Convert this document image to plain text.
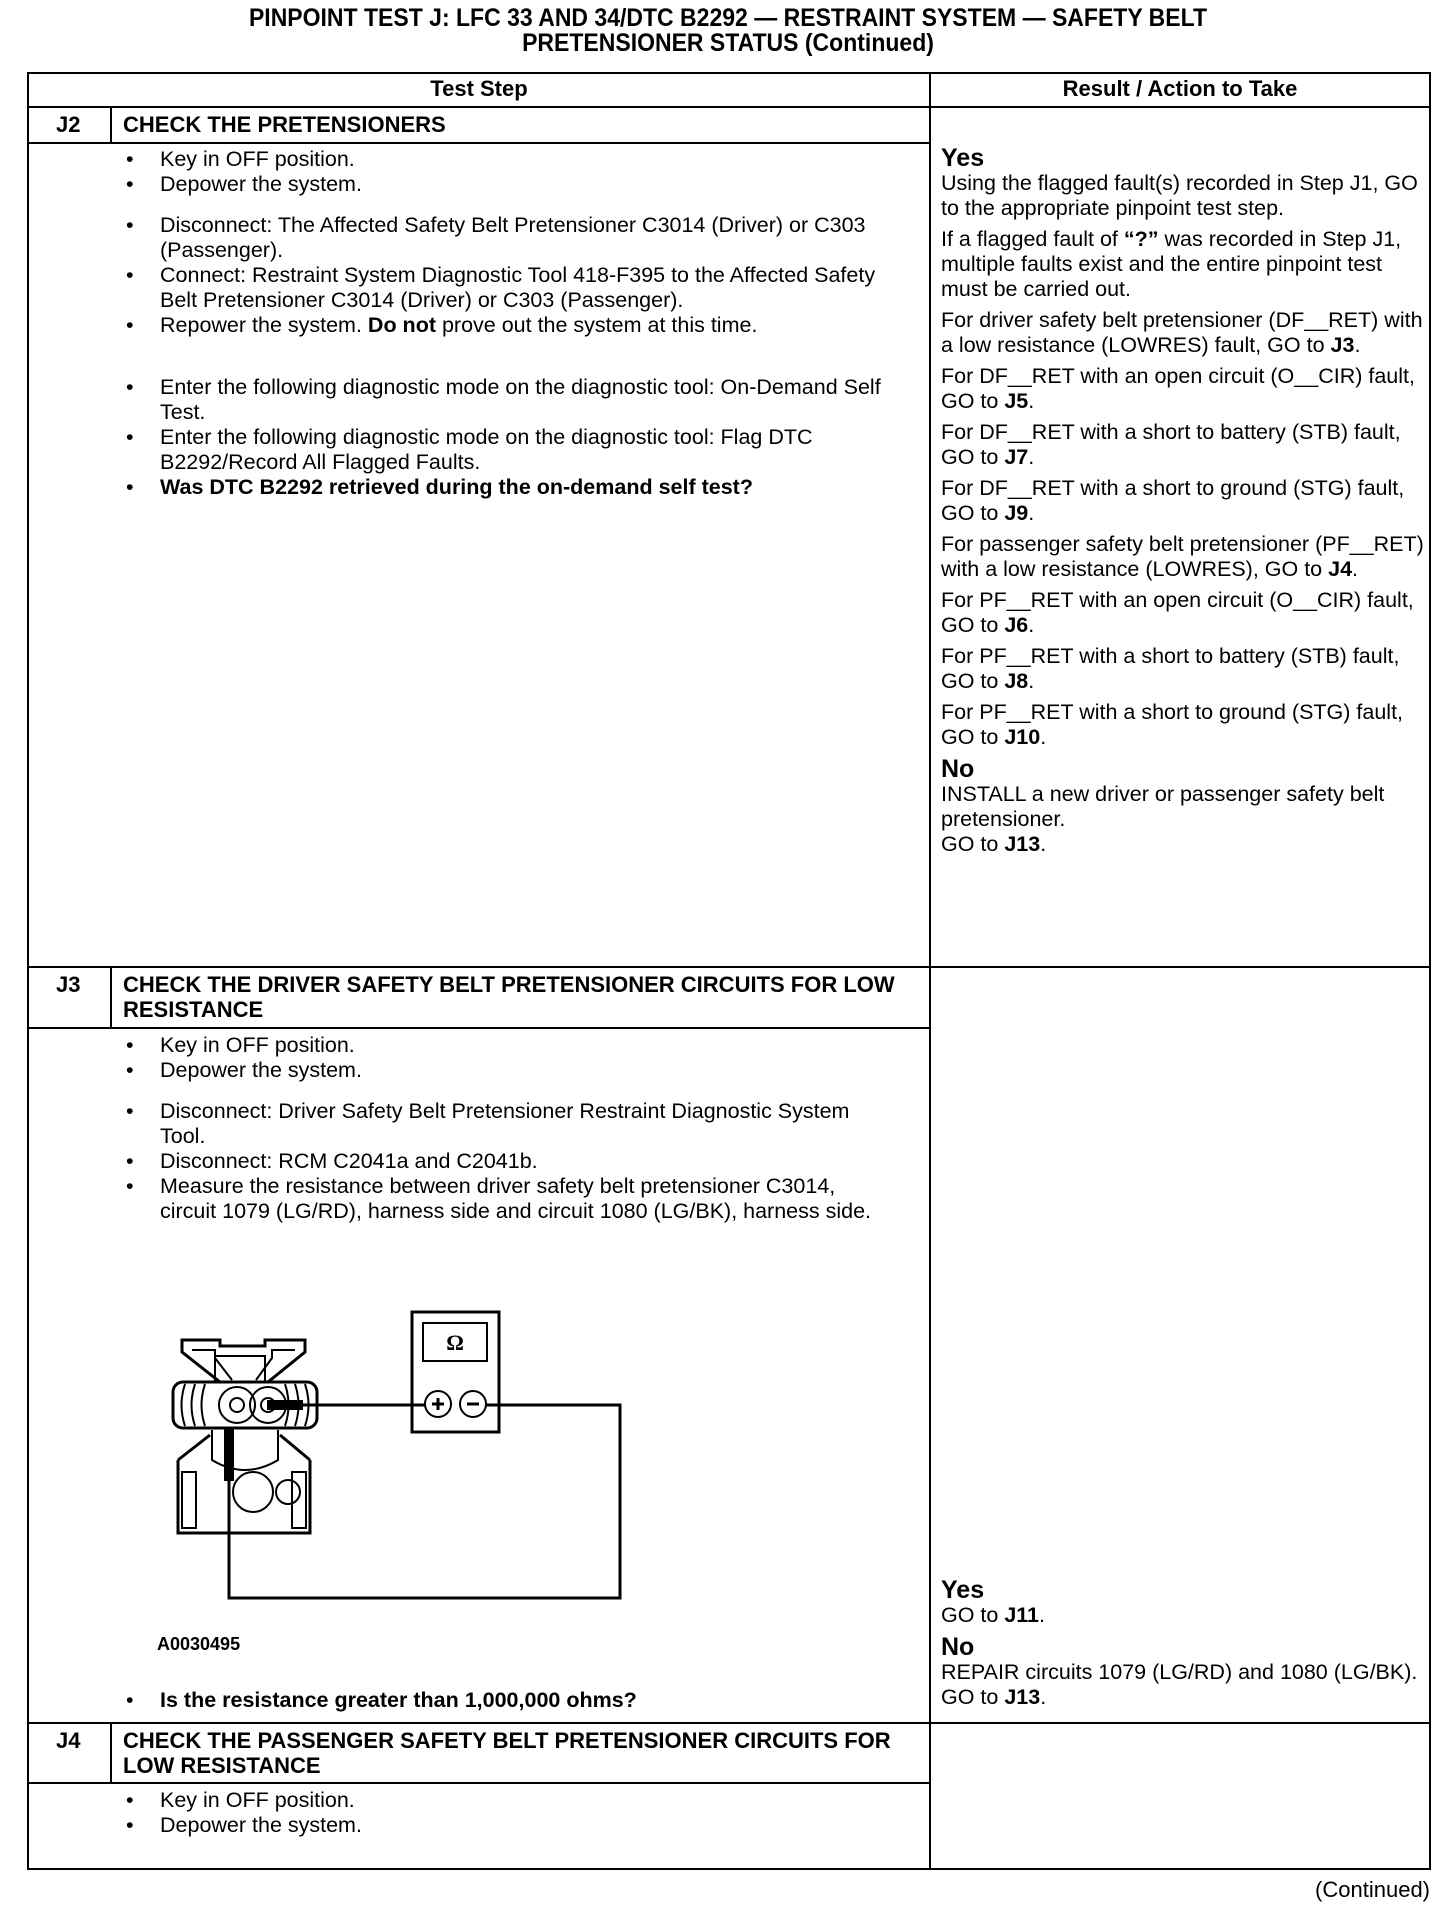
PINPOINT TEST J: LFC 33 AND 34/DTC B2292 — RESTRAINT SYSTEM — SAFETY BELT
PRETENSIONER STATUS (Continued)
Test Step	Result / Action to Take
J2 CHECK THE PRETENSIONERS
• Key in OFF position.
• Depower the system.
• Disconnect: The Affected Safety Belt Pretensioner C3014 (Driver) or C303 (Passenger).
• Connect: Restraint System Diagnostic Tool 418-F395 to the Affected Safety Belt Pretensioner C3014 (Driver) or C303 (Passenger).
• Repower the system. Do not prove out the system at this time.
• Enter the following diagnostic mode on the diagnostic tool: On-Demand Self Test.
• Enter the following diagnostic mode on the diagnostic tool: Flag DTC B2292/Record All Flagged Faults.
• Was DTC B2292 retrieved during the on-demand self test?
Yes
Using the flagged fault(s) recorded in Step J1, GO to the appropriate pinpoint test step.
If a flagged fault of “?” was recorded in Step J1, multiple faults exist and the entire pinpoint test must be carried out.
For driver safety belt pretensioner (DF__RET) with a low resistance (LOWRES) fault, GO to J3.
For DF__RET with an open circuit (O__CIR) fault, GO to J5.
For DF__RET with a short to battery (STB) fault, GO to J7.
For DF__RET with a short to ground (STG) fault, GO to J9.
For passenger safety belt pretensioner (PF__RET) with a low resistance (LOWRES), GO to J4.
For PF__RET with an open circuit (O__CIR) fault, GO to J6.
For PF__RET with a short to battery (STB) fault, GO to J8.
For PF__RET with a short to ground (STG) fault, GO to J10.
No
INSTALL a new driver or passenger safety belt pretensioner.
GO to J13.
J3 CHECK THE DRIVER SAFETY BELT PRETENSIONER CIRCUITS FOR LOW RESISTANCE
• Key in OFF position.
• Depower the system.
• Disconnect: Driver Safety Belt Pretensioner Restraint Diagnostic System Tool.
• Disconnect: RCM C2041a and C2041b.
• Measure the resistance between driver safety belt pretensioner C3014, circuit 1079 (LG/RD), harness side and circuit 1080 (LG/BK), harness side.
Ω
A0030495
• Is the resistance greater than 1,000,000 ohms?
Yes
GO to J11.
No
REPAIR circuits 1079 (LG/RD) and 1080 (LG/BK). GO to J13.
J4 CHECK THE PASSENGER SAFETY BELT PRETENSIONER CIRCUITS FOR LOW RESISTANCE
• Key in OFF position.
• Depower the system.
(Continued)
